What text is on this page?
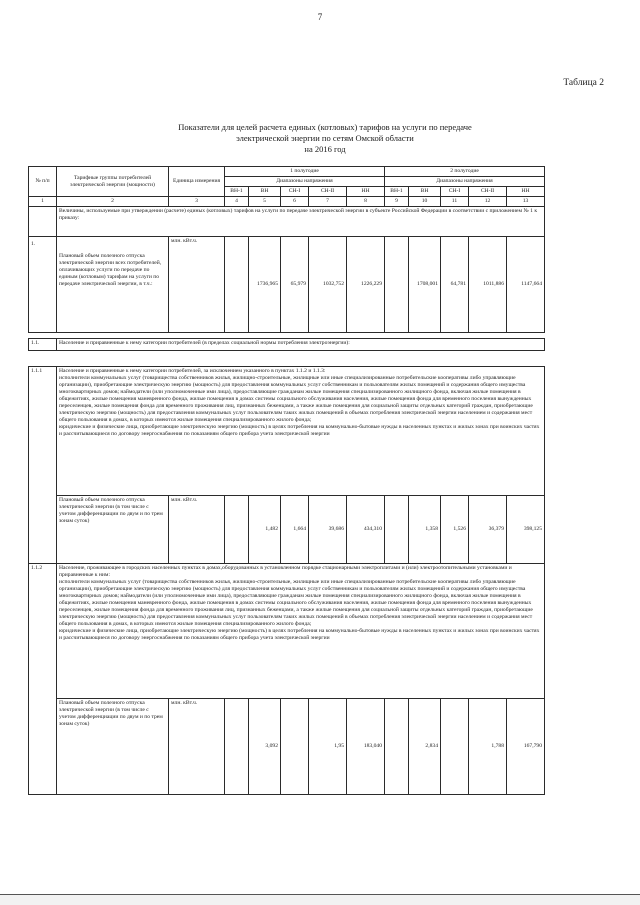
7
Таблица 2
Показатели для целей расчета единых (котловых) тарифов на услуги по передаче
электрической энергии по сетям Омской области
на 2016 год
№ п/п	Тарифные группы потребителей электрической энергии (мощности)	Единица измерения	1 полугодие					2 полугодие				
			Диапазоны напряжения					Диапазоны напряжения				
			ВН-1	ВН	СН-I	СН-II	НН	ВН-1	ВН	СН-I	СН-II	НН
1	2	3	4	5	6	7	8	9	10	11	12	13
	Величины, используемые при утверждении (расчете) единых (котловых) тарифов на услуги по передаче электрической энергии в субъекте Российской Федерации в соответствии с приложением № 1 к приказу:											
1.	Плановый объем полезного отпуска электрической энергии всех потребителей, оплачивающих услуги по передаче по единым (котловым) тарифам на услуги по передаче электрической энергии, в т.ч.:	млн. кВт.ч.		1736,965	65,979	1032,752	1226,229		1708,001	64,781	1011,886	1147,664

1.1.	Население и приравненные к нему категории потребителей (в пределах социальной нормы потребления электроэнергии):											

1.1.1	Население и приравненные к нему категории потребителей, за исключением указанного в пунктах 1.1.2 и 1.1.3:
исполнители коммунальных услуг (товарищества собственников жилья, жилищно-строительные, жилищные или иные специализированные потребительские кооперативы либо управляющие организации), приобретающие электрическую энергию (мощность) для предоставления коммунальных услуг собственникам и пользователям жилых помещений и содержания общего имущества многоквартирных домов; наймодатели (или уполномоченные ими лица), предоставляющие гражданам жилые помещения специализированного жилищного фонда, включая жилые помещения в общежитиях, жилые помещения маневренного фонда, жилые помещения в домах системы социального обслуживания населения, жилые помещения фонда для временного поселения вынужденных переселенцев, жилые помещения фонда для временного проживания лиц, признанных беженцами, а также жилые помещения для социальной защиты отдельных категорий граждан, приобретающие электрическую энергию (мощность) для предоставления коммунальных услуг пользователям таких жилых помещений в объемах потребления электрической энергии населением и содержания мест общего пользования в домах, в которых имеются жилые помещения специализированного жилого фонда;
юридические и физические лица, приобретающие электрическую энергию (мощность) в целях потребления на коммунально-бытовые нужды в населенных пунктах и жилых зонах при воинских частях и рассчитывающиеся по договору энергоснабжения по показаниям общего прибора учета электрической энергии											

	Плановый объем полезного отпуска электрической энергии (в том числе с учетом дифференциации по двум и по трем зонам суток)	млн. кВт.ч.		1,482	1,664	39,686	434,310		1,358	1,526	36,379	398,125
1.1.2	Население, проживающее в городских населенных пунктах в домах,оборудованных в установленном порядке стационарными электроплитами и (или) электроотопительными установками и приравненные к ним:
исполнители коммунальных услуг (товарищества собственников жилья, жилищно-строительные, жилищные или иные специализированные потребительские кооперативы либо управляющие организации), приобретающие электрическую энергию (мощность) для предоставления коммунальных услуг собственникам и пользователям жилых помещений и содержания общего имущества многоквартирных домов; наймодатели (или уполномоченные ими лица), предоставляющие гражданам жилые помещения специализированного жилищного фонда, включая жилые помещения в общежитиях, жилые помещения маневренного фонда, жилые помещения в домах системы социального обслуживания населения, жилые помещения фонда для временного поселения вынужденных переселенцев, жилые помещения фонда для временного проживания лиц, признанных беженцами, а также жилые помещения для социальной защиты отдельных категорий граждан, приобретающие электрическую энергию (мощность) для предоставления коммунальных услуг пользователям таких жилых помещений в объемах потребления электрической энергии населением и содержания мест общего пользования в домах, в которых имеются жилые помещения специализированного жилого фонда;
юридические и физические лица, приобретающие электрическую энергию (мощность) в целях потребления на коммунально-бытовые нужды в населенных пунктах и жилых зонах при воинских частях и рассчитывающиеся по договору энергоснабжения по показаниям общего прибора учета электрической энергии											

	Плановый объем полезного отпуска электрической энергии (в том числе с учетом дифференциации по двум и по трем зонам суток)	млн. кВт.ч.		3,092		1,95	183,040		2,834		1,788	167,790
